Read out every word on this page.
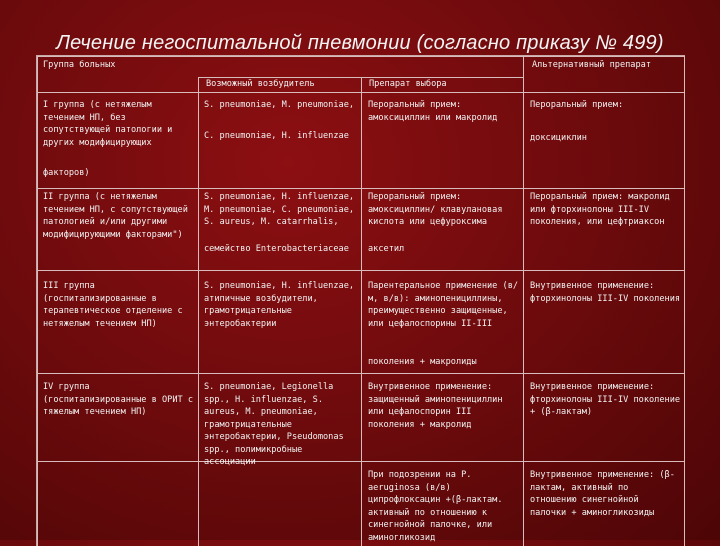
Лечение негоспитальной пневмонии (согласно приказу № 499)
Группа больных
Возможный возбудитель	Препарат выбора
Альтернативный препарат
I группа (с нетяжелым течением НП, без сопутствующей патологии и других модифицирующих
факторов)
S. pneumoniae, M. pneumoniae,
C. pneumoniae, H. influenzae
Пероральный прием: амоксициллин или макролид
Пероральный прием:
доксициклин
II группа (с нетяжелым течением НП, с сопутствующей патологией и/или другими модифицирующими факторами")
S. pneumoniae, H. influenzae, M. pneumoniae, C. pneumoniae, S. aureus, M. catarrhalis,
семейство Enterobacteriaceae
Пероральный прием: амоксициллин/ клавулановая кислота или цефуроксима
аксетил
Пероральный прием: макролид или фторхинолоны III-IV поколения, или цефтриаксон
III группа (госпитализированные в терапевтическое отделение с нетяжелым течением НП)
S. pneumoniae, H. influenzae, атипичные возбудители, грамотрицательные энтеробактерии
Парентеральное применение (в/м, в/в): аминопенициллины, преимущественно защищенные, или цефалоспорины II-III
поколения + макролиды
Внутривенное применение: фторхинолоны III-IV поколения
IV группа (госпитализированные в ОРИТ с тяжелым течением НП)
S. pneumoniae, Legionella spp., H. influenzae, S. aureus, M. pneumoniae, грамотрицательные энтеробактерии, Pseudomonas spp., полимикробные ассоциации
Внутривенное применение: защищенный аминопенициллин или цефалоспорин III поколения + макролид
При подозрении на P. aeruginosa (в/в) ципрофлоксацин +(β-лактам. активный по отношению к синегнойной палочке, или аминогликозид
Внутривенное применение: фторхинолоны III-IV поколение + (β-лактам)
Внутривенное применение: (β-лактам, активный по отношению синегнойной палочки + аминогликозиды
